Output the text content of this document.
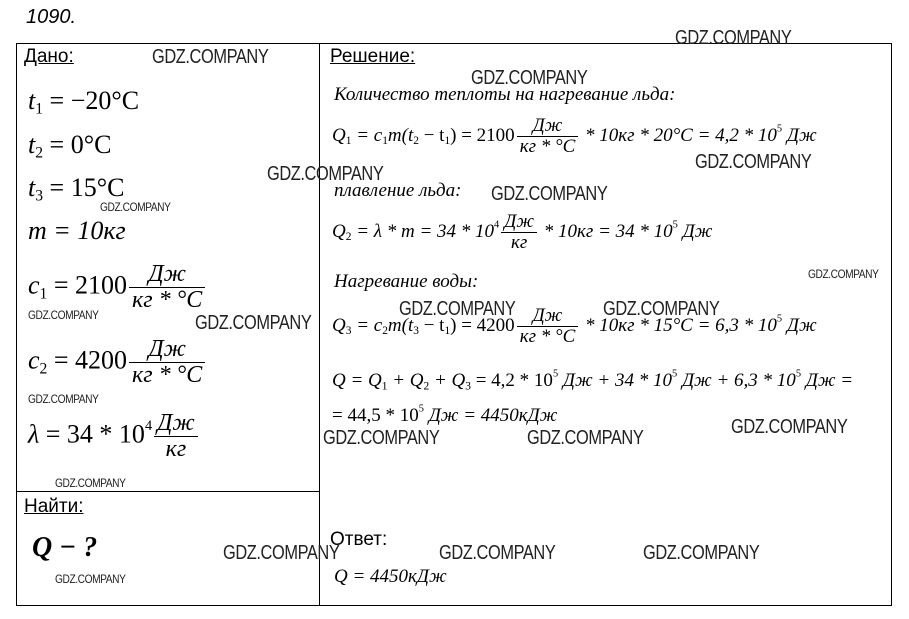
1090.
Дано:
$t_1 = -20^\circ C$
$t_2 = 0^\circ C$
$t_3 = 15^\circ C$
m = 10кг
$c_1 = 2100 \frac{Дж}{кг * ^\circ С}$
$c_2 = 4200 \frac{Дж}{кг * ^\circ С}$
$\lambda = 34 * 10^4 \frac{Дж}{кг}$
Найти:
Q − ?
Решение:
Количество теплоты на нагревание льда:
$Q_1 = c_1m(t_2 - t_1) = 2100 \frac{Дж}{кг * ^\circ С} * 10кг * 20^\circ C = 4,2 * 10^5$ Дж
плавление льда:
$Q_2 = \lambda * m = 34 * 10^4 \frac{Дж}{кг} * 10кг = 34 * 10^5$ Дж
Нагревание воды:
$Q_3 = c_2m(t_3 - t_1) = 4200 \frac{Дж}{кг * ^\circ С} * 10кг * 15^\circ C = 6,3 * 10^5$ Дж
$Q = Q_1 + Q_2 + Q_3 = 4,2 * 10^5$ Дж + $34 * 10^5$ Дж + $6,3 * 10^5$ Дж =
= $44,5 * 10^5$ Дж = 4450кДж
Ответ:
Q = 4450кДж
GDZ.COMPANY
GDZ.COMPANY
GDZ.COMPANY
GDZ.COMPANY
GDZ.COMPANY
GDZ.COMPANY
GDZ.COMPANY
GDZ.COMPANY
GDZ.COMPANY	GDZ.COMPANY
GDZ.COMPANY	GDZ.COMPANY
GDZ.COMPANY
GDZ.COMPANY
GDZ.COMPANY	GDZ.COMPANY
GDZ.COMPANY
GDZ.COMPANY	GDZ.COMPANY	GDZ.COMPANY
GDZ.COMPANY
